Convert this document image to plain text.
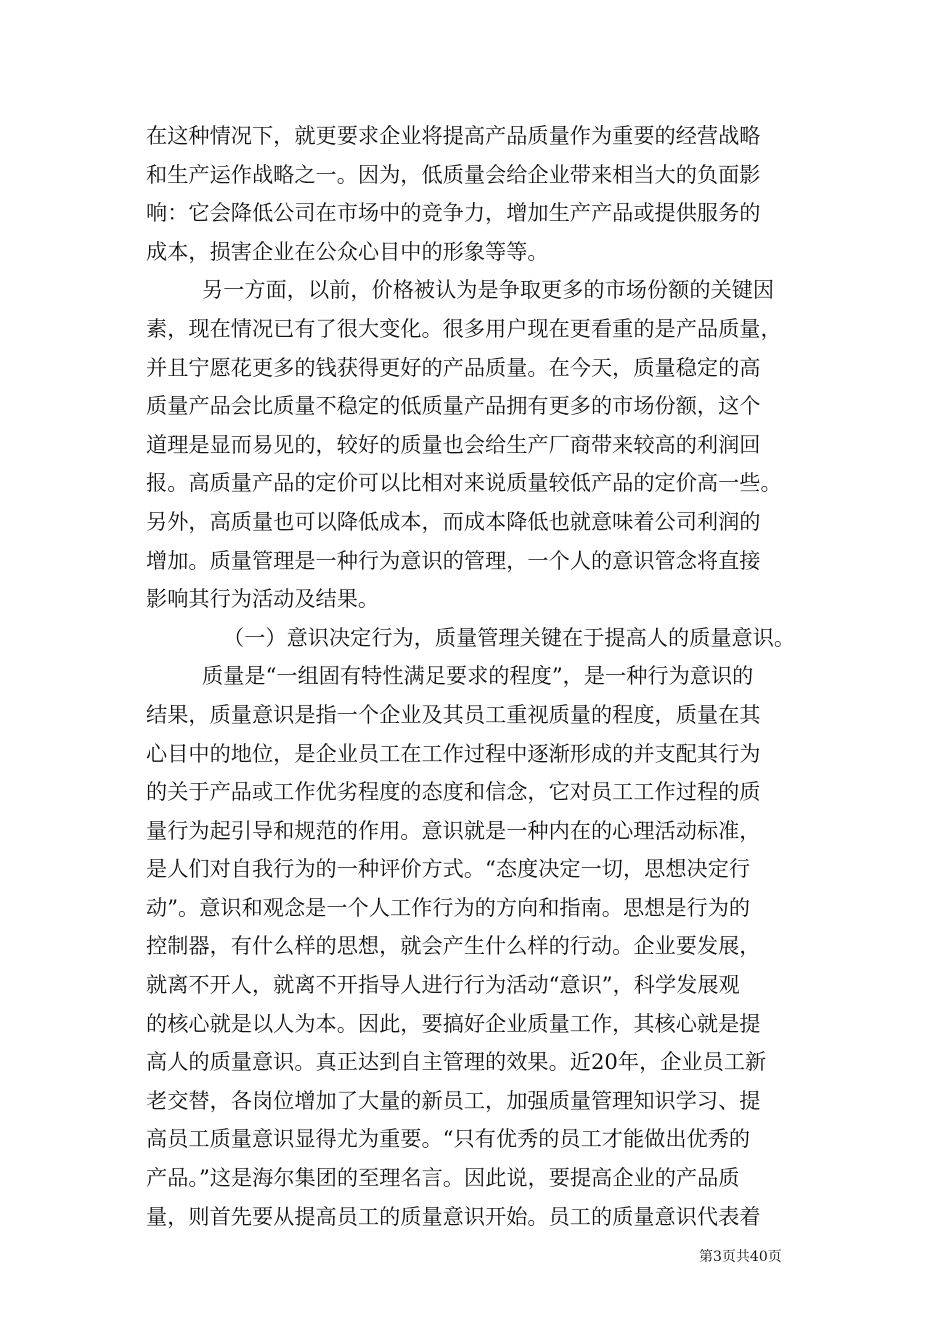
在这种情况下，就更要求企业将提高产品质量作为重要的经营战略
和生产运作战略之一。因为，低质量会给企业带来相当大的负面影
响：它会降低公司在市场中的竞争力，增加生产产品或提供服务的
成本，损害企业在公众心目中的形象等等。
另一方面，以前，价格被认为是争取更多的市场份额的关键因
素，现在情况已有了很大变化。很多用户现在更看重的是产品质量，
并且宁愿花更多的钱获得更好的产品质量。在今天，质量稳定的高
质量产品会比质量不稳定的低质量产品拥有更多的市场份额，这个
道理是显而易见的，较好的质量也会给生产厂商带来较高的利润回
报。高质量产品的定价可以比相对来说质量较低产品的定价高一些。
另外，高质量也可以降低成本，而成本降低也就意味着公司利润的
增加。质量管理是一种行为意识的管理，一个人的意识管念将直接
影响其行为活动及结果。
（一）意识决定行为，质量管理关键在于提高人的质量意识。
质量是“一组固有特性满足要求的程度”，是一种行为意识的
结果，质量意识是指一个企业及其员工重视质量的程度，质量在其
心目中的地位，是企业员工在工作过程中逐渐形成的并支配其行为
的关于产品或工作优劣程度的态度和信念，它对员工工作过程的质
量行为起引导和规范的作用。意识就是一种内在的心理活动标准，
是人们对自我行为的一种评价方式。“态度决定一切，思想决定行
动”。意识和观念是一个人工作行为的方向和指南。思想是行为的
控制器，有什么样的思想，就会产生什么样的行动。企业要发展，
就离不开人，就离不开指导人进行行为活动“意识”，科学发展观
的核心就是以人为本。因此，要搞好企业质量工作，其核心就是提
高人的质量意识。真正达到自主管理的效果。近20年，企业员工新
老交替，各岗位增加了大量的新员工，加强质量管理知识学习、提
高员工质量意识显得尤为重要。“只有优秀的员工才能做出优秀的
产品。”这是海尔集团的至理名言。因此说，要提高企业的产品质
量，则首先要从提高员工的质量意识开始。员工的质量意识代表着
第3页共40页
